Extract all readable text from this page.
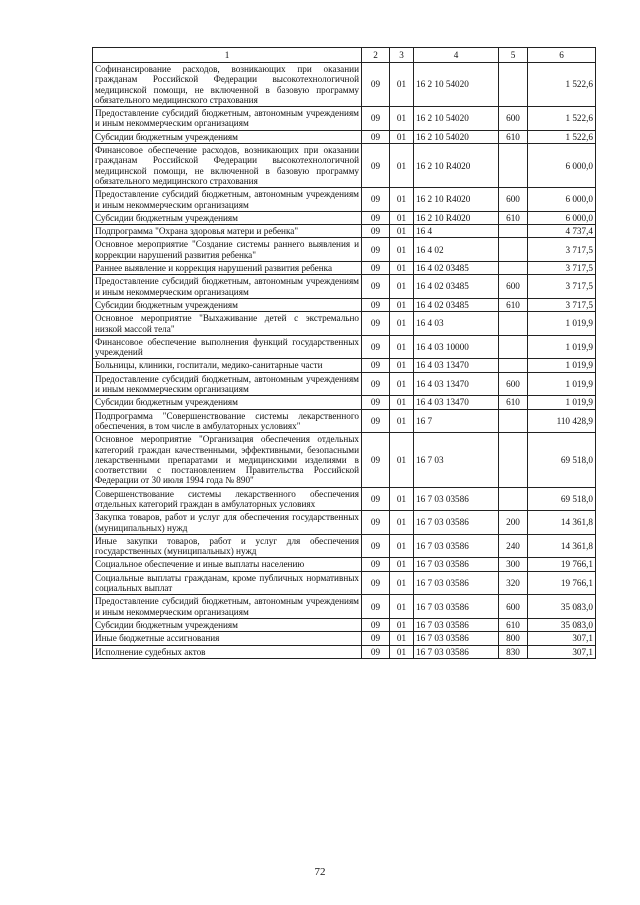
1	2	3	4	5	6
Софинансирование расходов, возникающих при оказании гражданам Российской Федерации высокотехнологичной медицинской помощи, не включенной в базовую программу обязательного медицинского страхования	09	01	16 2 10 54020		1 522,6
Предоставление субсидий бюджетным, автономным учреждениям и иным некоммерческим организациям	09	01	16 2 10 54020	600	1 522,6
Субсидии бюджетным учреждениям	09	01	16 2 10 54020	610	1 522,6
Финансовое обеспечение расходов, возникающих при оказании гражданам Российской Федерации высокотехнологичной медицинской помощи, не включенной в базовую программу обязательного медицинского страхования	09	01	16 2 10 R4020		6 000,0
Предоставление субсидий бюджетным, автономным учреждениям и иным некоммерческим организациям	09	01	16 2 10 R4020	600	6 000,0
Субсидии бюджетным учреждениям	09	01	16 2 10 R4020	610	6 000,0
Подпрограмма "Охрана здоровья матери и ребенка"	09	01	16 4		4 737,4
Основное мероприятие "Создание системы раннего выявления и коррекции нарушений развития ребенка"	09	01	16 4 02		3 717,5
Раннее выявление и коррекция нарушений развития ребенка	09	01	16 4 02 03485		3 717,5
Предоставление субсидий бюджетным, автономным учреждениям и иным некоммерческим организациям	09	01	16 4 02 03485	600	3 717,5
Субсидии бюджетным учреждениям	09	01	16 4 02 03485	610	3 717,5
Основное мероприятие "Выхаживание детей с экстремально низкой массой тела"	09	01	16 4 03		1 019,9
Финансовое обеспечение выполнения функций государственных учреждений	09	01	16 4 03 10000		1 019,9
Больницы, клиники, госпитали, медико-санитарные части	09	01	16 4 03 13470		1 019,9
Предоставление субсидий бюджетным, автономным учреждениям и иным некоммерческим организациям	09	01	16 4 03 13470	600	1 019,9
Субсидии бюджетным учреждениям	09	01	16 4 03 13470	610	1 019,9
Подпрограмма "Совершенствование системы лекарственного обеспечения, в том числе в амбулаторных условиях"	09	01	16 7		110 428,9
Основное мероприятие "Организация обеспечения отдельных категорий граждан качественными, эффективными, безопасными лекарственными препаратами и медицинскими изделиями в соответствии с постановлением Правительства Российской Федерации от 30 июля 1994 года № 890"	09	01	16 7 03		69 518,0
Совершенствование системы лекарственного обеспечения отдельных категорий граждан в амбулаторных условиях	09	01	16 7 03 03586		69 518,0
Закупка товаров, работ и услуг для обеспечения государственных (муниципальных) нужд	09	01	16 7 03 03586	200	14 361,8
Иные закупки товаров, работ и услуг для обеспечения государственных (муниципальных) нужд	09	01	16 7 03 03586	240	14 361,8
Социальное обеспечение и иные выплаты населению	09	01	16 7 03 03586	300	19 766,1
Социальные выплаты гражданам, кроме публичных нормативных социальных выплат	09	01	16 7 03 03586	320	19 766,1
Предоставление субсидий бюджетным, автономным учреждениям и иным некоммерческим организациям	09	01	16 7 03 03586	600	35 083,0
Субсидии бюджетным учреждениям	09	01	16 7 03 03586	610	35 083,0
Иные бюджетные ассигнования	09	01	16 7 03 03586	800	307,1
Исполнение судебных актов	09	01	16 7 03 03586	830	307,1
72
